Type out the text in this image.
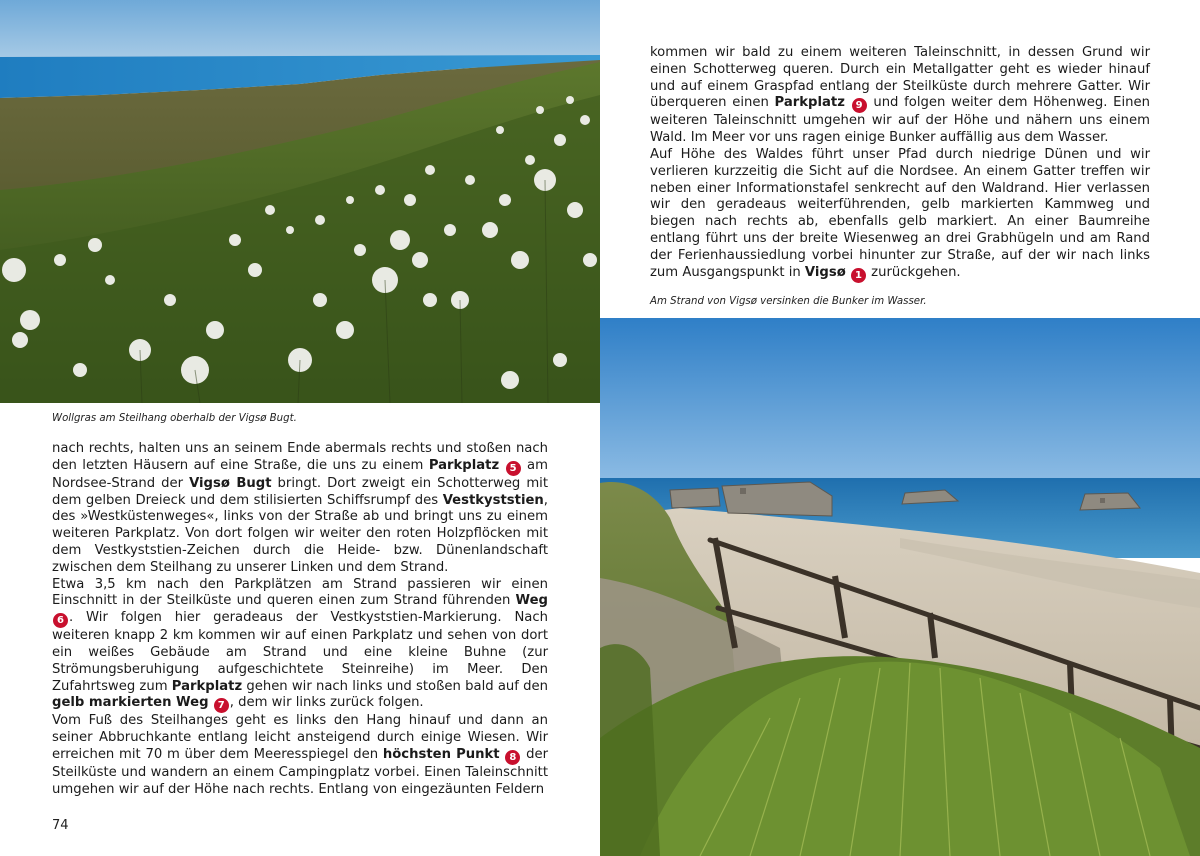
Wollgras am Steilhang oberhalb der Vigsø Bugt.

nach rechts, halten uns an seinem Ende abermals rechts und stoßen nach den letzten Häusern auf eine Straße, die uns zu einem Parkplatz 5 am Nordsee-Strand der Vigsø Bugt bringt. Dort zweigt ein Schotterweg mit dem gelben Dreieck und dem stilisierten Schiffsrumpf des Vestkyststien, des »Westküstenweges«, links von der Straße ab und bringt uns zu einem weiteren Parkplatz. Von dort folgen wir weiter den roten Holzpflöcken mit dem Vestkyststien-Zeichen durch die Heide- bzw. Dünenlandschaft zwischen dem Steilhang zu unserer Linken und dem Strand.

Etwa 3,5 km nach den Parkplätzen am Strand passieren wir einen Einschnitt in der Steilküste und queren einen zum Strand führenden Weg 6 . Wir folgen hier geradeaus der Vestkyststien-Markierung. Nach weiteren knapp 2 km kommen wir auf einen Parkplatz und sehen von dort ein weißes Gebäude am Strand und eine kleine Buhne (zur Strömungsberuhigung aufgeschichtete Steinreihe) im Meer. Den Zufahrtsweg zum Parkplatz gehen wir nach links und stoßen bald auf den gelb markierten Weg 7 , dem wir links zurück folgen.

Vom Fuß des Steilhanges geht es links den Hang hinauf und dann an seiner Abbruchkante entlang leicht ansteigend durch einige Wiesen. Wir erreichen mit 70 m über dem Meeresspiegel den höchsten Punkt 8 der Steilküste und wandern an einem Campingplatz vorbei. Einen Taleinschnitt umgehen wir auf der Höhe nach rechts. Entlang von eingezäunten Feldern

74

kommen wir bald zu einem weiteren Taleinschnitt, in dessen Grund wir einen Schotterweg queren. Durch ein Metallgatter geht es wieder hinauf und auf einem Graspfad entlang der Steilküste durch mehrere Gatter. Wir überqueren einen Parkplatz 9 und folgen weiter dem Höhenweg. Einen weiteren Taleinschnitt umgehen wir auf der Höhe und nähern uns einem Wald. Im Meer vor uns ragen einige Bunker auffällig aus dem Wasser.

Auf Höhe des Waldes führt unser Pfad durch niedrige Dünen und wir verlieren kurzzeitig die Sicht auf die Nordsee. An einem Gatter treffen wir neben einer Informationstafel senkrecht auf den Waldrand. Hier verlassen wir den geradeaus weiterführenden, gelb markierten Kammweg und biegen nach rechts ab, ebenfalls gelb markiert. An einer Baumreihe entlang führt uns der breite Wiesenweg an drei Grabhügeln und am Rand der Ferienhaussiedlung vorbei hinunter zur Straße, auf der wir nach links zum Ausgangspunkt in Vigsø 1 zurückgehen.

Am Strand von Vigsø versinken die Bunker im Wasser.
